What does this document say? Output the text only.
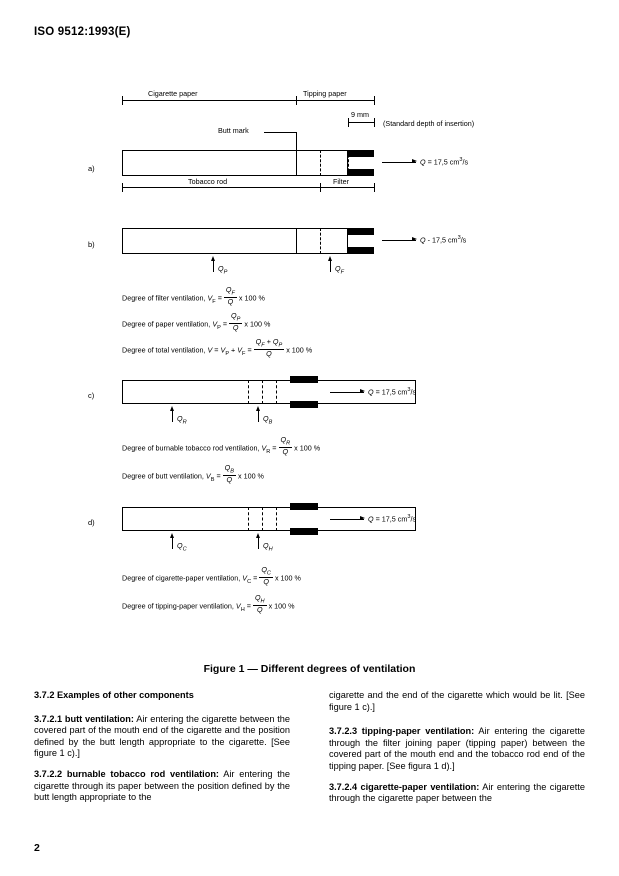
ISO 9512:1993(E)
Cigarette paper	Tipping paper
9 mm
(Standard depth of insertion)
Butt mark
a)
Q = 17,5 $cm^3/s$
Tobacco rod	Filter
b)
Q - 17,5 $cm^3/s$
$Q_P$	$Q_F$
Degree of filter ventilation, $V_F = \frac{Q_F}{Q}$ x 100 %
Degree of paper ventilation, $V_P = \frac{Q_P}{Q}$ x 100 %
Degree of total ventilation, $V = V_P + V_F = \frac{Q_F + Q_P}{Q}$ x 100 %
c)	Q = 17,5 $cm^3/s$
$Q_R$	$Q_B$
Degree of burnable tobacco rod ventilation, $V_R = \frac{Q_R}{Q}$ x 100 %
Degree of butt ventilation, $V_B = \frac{Q_B}{Q}$ x 100 %
d)	Q = 17,5 $cm^3/s$
$Q_C$	$Q_H$
Degree of cigarette-paper ventilation, $V_C = \frac{Q_C}{Q}$ x 100 %
Degree of tipping-paper ventilation, $V_H = \frac{Q_H}{Q}$ x 100 %
Figure 1 — Different degrees of ventilation
3.7.2 Examples of other components
3.7.2.1 butt ventilation: Air entering the cigarette between the covered part of the mouth end of the cigarette and the position defined by the butt length appropriate to the cigarette. [See figure 1 c).]
3.7.2.2 burnable tobacco rod ventilation: Air entering the cigarette through its paper between the position defined by the butt length appropriate to the
cigarette and the end of the cigarette which would be lit. [See figure 1 c).]
3.7.2.3 tipping-paper ventilation: Air entering the cigarette through the filter joining paper (tipping paper) between the covered part of the mouth end and the tobacco rod end of the tipping paper. [See figura 1 d).]
3.7.2.4 cigarette-paper ventilation: Air entering the cigarette through the cigarette paper between the
2
